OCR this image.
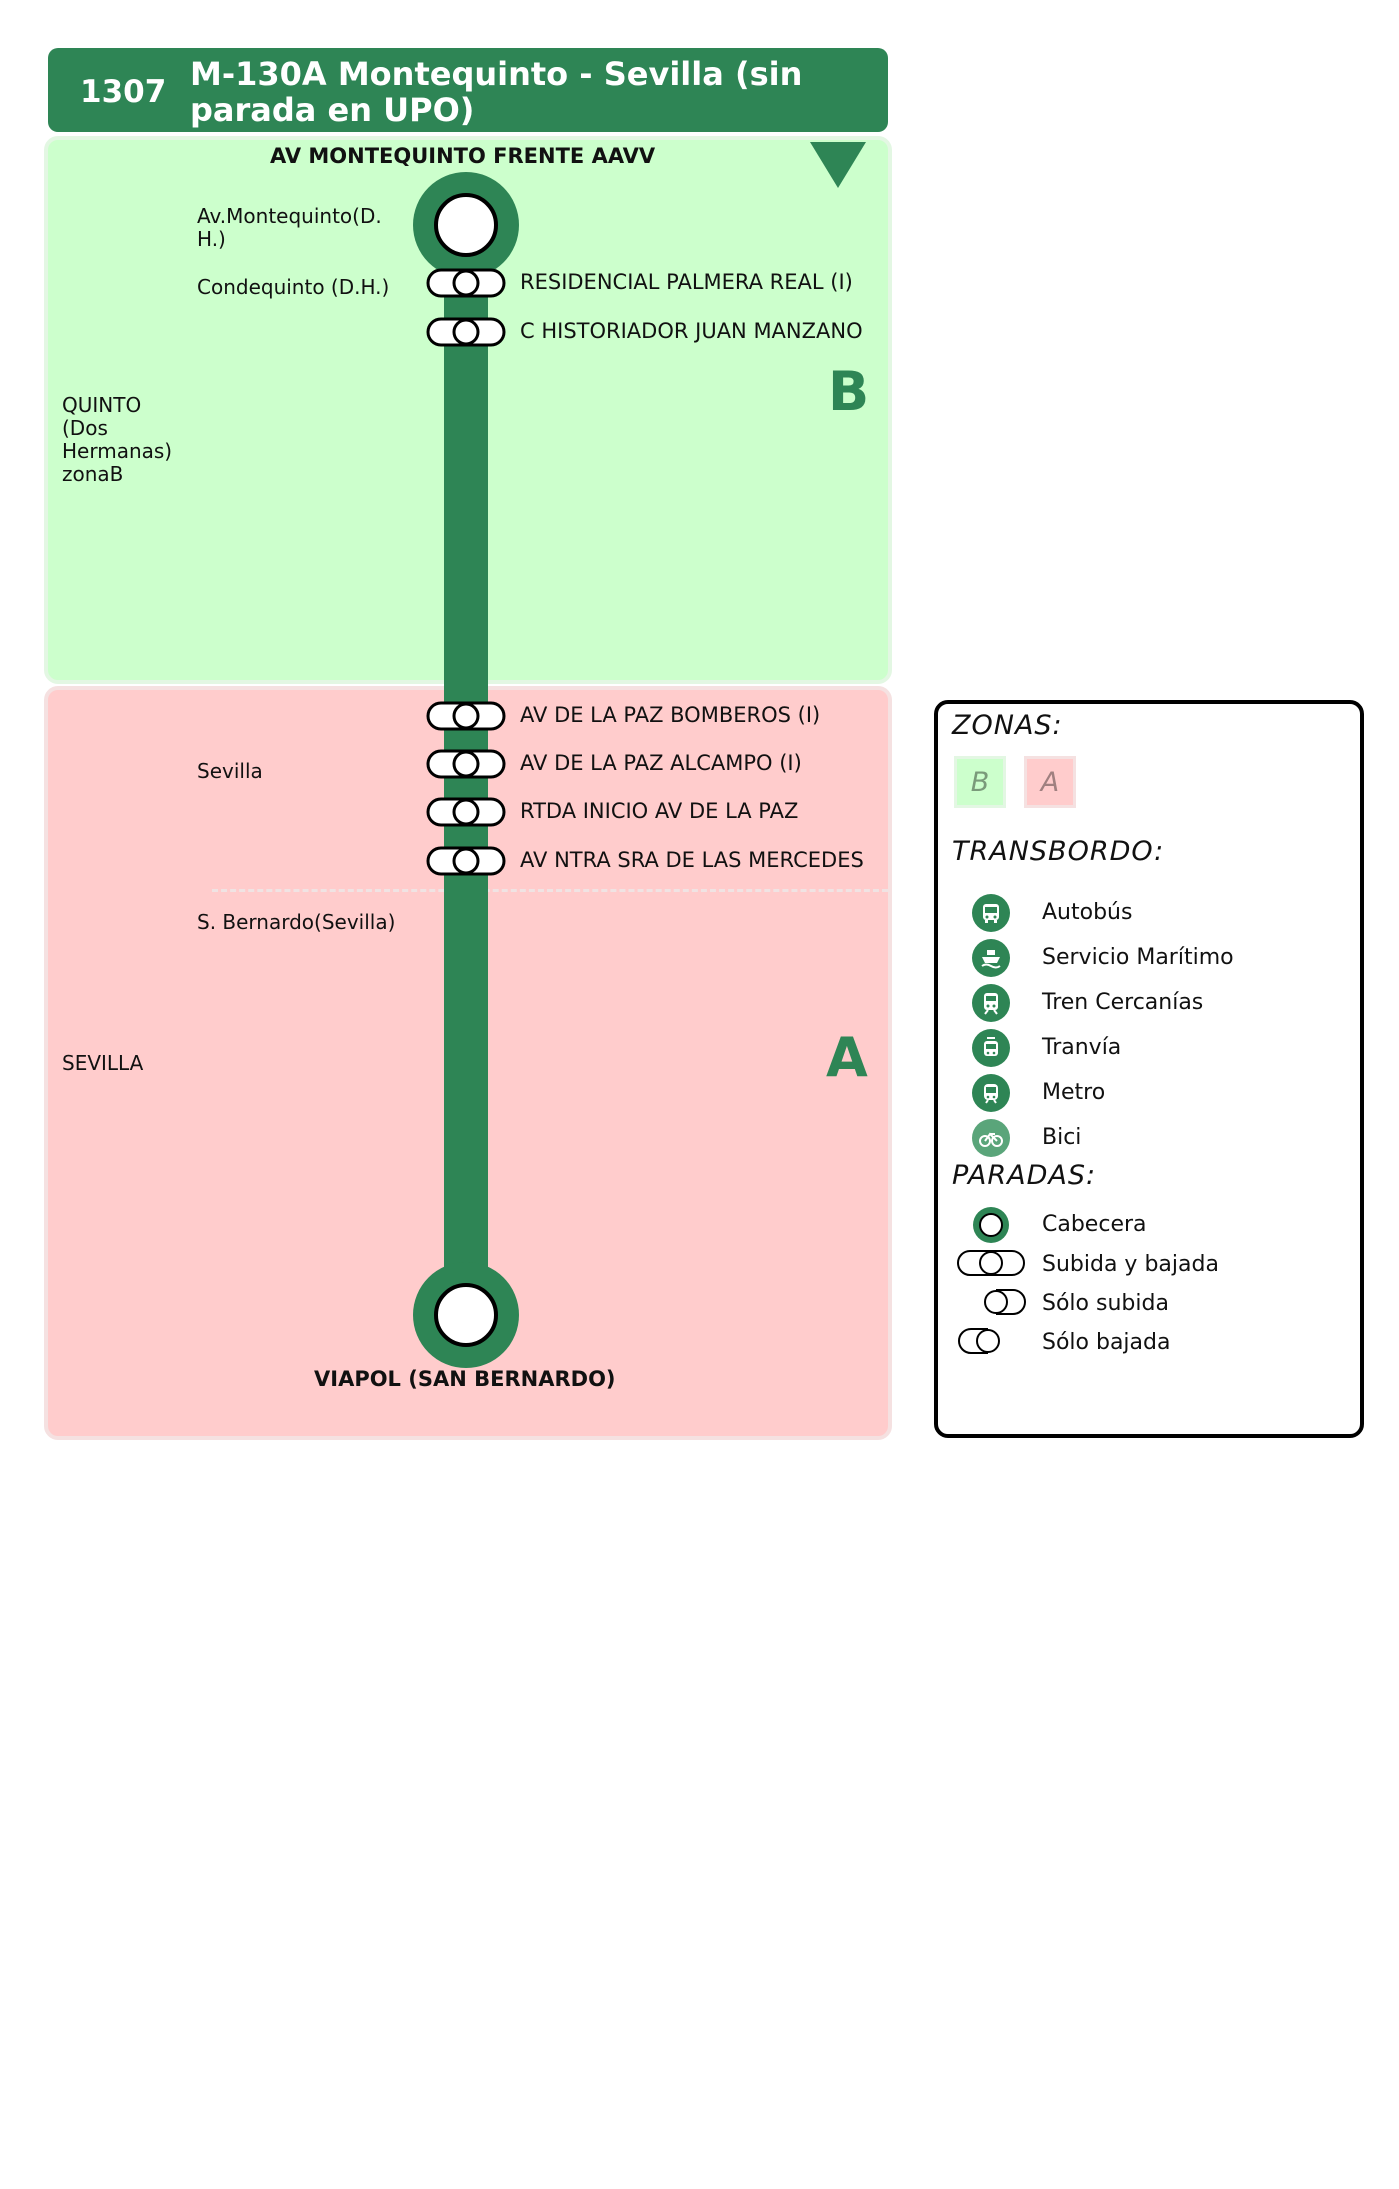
1307 M-130A Montequinto - Sevilla (sin parada en UPO)
B
A
QUINTO
(Dos
Hermanas)
zonaB
SEVILLA
Av.Montequinto(D.
H.)
Condequinto (D.H.)
Sevilla
S. Bernardo(Sevilla)
AV MONTEQUINTO FRENTE AAVV
VIAPOL (SAN BERNARDO)
RESIDENCIAL PALMERA REAL (I)
C HISTORIADOR JUAN MANZANO
AV DE LA PAZ BOMBEROS (I)
AV DE LA PAZ ALCAMPO (I)
RTDA INICIO AV DE LA PAZ
AV NTRA SRA DE LAS MERCEDES
ZONAS:
B	A
TRANSBORDO:
Autobús
Servicio Marítimo
Tren Cercanías
Tranvía
Metro
Bici
PARADAS:
Cabecera
Subida y bajada
Sólo subida
Sólo bajada
